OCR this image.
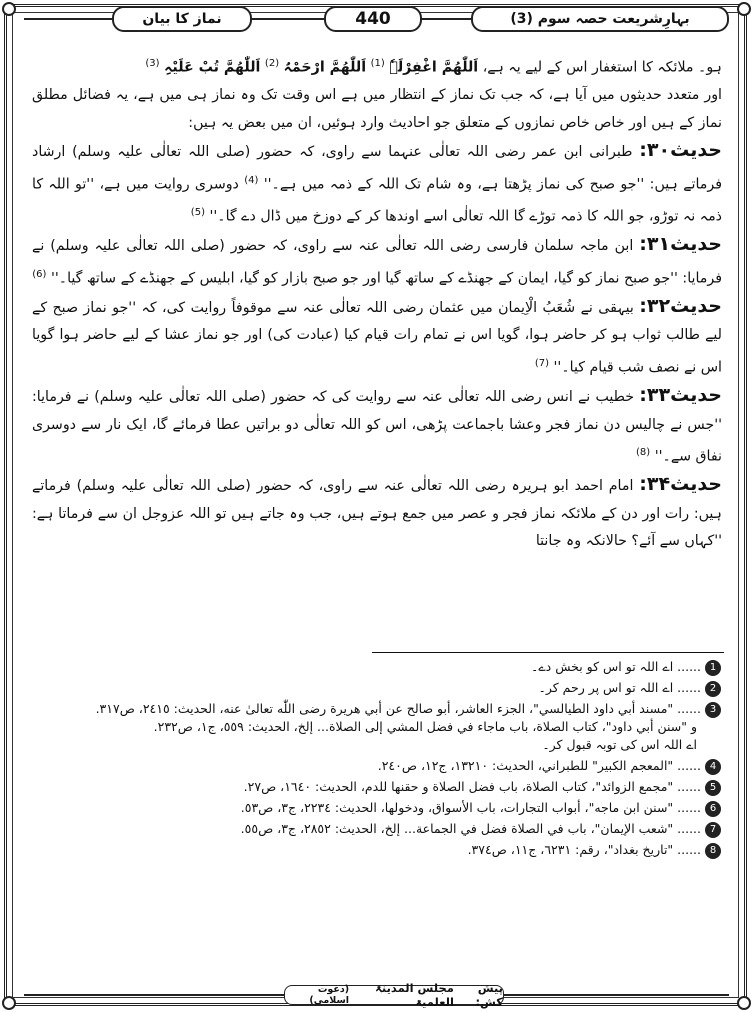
بہارِشریعت حصہ سوم (3)
440
نماز کا بیان
ہو۔ ملائکہ کا استغفار اس کے لیے یہ ہے، اَللّٰھُمَّ اغْفِرْلَہٗ $^{(1)}$ اَللّٰھُمَّ ارْحَمْہُ $^{(2)}$ اَللّٰھُمَّ تُبْ عَلَیْہِ $^{(3)}$
اور متعدد حدیثوں میں آیا ہے، کہ جب تک نماز کے انتظار میں ہے اس وقت تک وہ نماز ہی میں ہے، یہ فضائل مطلق نماز کے ہیں اور خاص خاص نمازوں کے متعلق جو احادیث وارد ہوئیں، ان میں بعض یہ ہیں:
حدیث۳۰: طبرانی ابن عمر رضی اللہ تعالٰی عنہما سے راوی، کہ حضور (صلی اللہ تعالٰی علیہ وسلم) ارشاد فرماتے ہیں: ''جو صبح کی نماز پڑھتا ہے، وہ شام تک اللہ کے ذمہ میں ہے۔'' $^{(4)}$ دوسری روایت میں ہے، ''تو اللہ کا ذمہ نہ توڑو، جو اللہ کا ذمہ توڑے گا اللہ تعالٰی اسے اوندھا کر کے دوزخ میں ڈال دے گا۔'' $^{(5)}$
حدیث۳۱: ابن ماجہ سلمان فارسی رضی اللہ تعالٰی عنہ سے راوی، کہ حضور (صلی اللہ تعالٰی علیہ وسلم) نے فرمایا: ''جو صبح نماز کو گیا، ایمان کے جھنڈے کے ساتھ گیا اور جو صبح بازار کو گیا، ابلیس کے جھنڈے کے ساتھ گیا۔'' $^{(6)}$
حدیث۳۲: بیہقی نے شُعَبُ الْاِیمان میں عثمان رضی اللہ تعالٰی عنہ سے موقوفاً روایت کی، کہ ''جو نماز صبح کے لیے طالب ثواب ہو کر حاضر ہوا، گویا اس نے تمام رات قیام کیا (عبادت کی) اور جو نماز عشا کے لیے حاضر ہوا گویا اس نے نصف شب قیام کیا۔'' $^{(7)}$
حدیث۳۳: خطیب نے انس رضی اللہ تعالٰی عنہ سے روایت کی کہ حضور (صلی اللہ تعالٰی علیہ وسلم) نے فرمایا: ''جس نے چالیس دن نماز فجر وعشا باجماعت پڑھی، اس کو اللہ تعالٰی دو براتیں عطا فرمائے گا، ایک نار سے دوسری نفاق سے۔'' $^{(8)}$
حدیث۳۴: امام احمد ابو ہریرہ رضی اللہ تعالٰی عنہ سے راوی، کہ حضور (صلی اللہ تعالٰی علیہ وسلم) فرماتے ہیں: رات اور دن کے ملائکہ نماز فجر و عصر میں جمع ہوتے ہیں، جب وہ جاتے ہیں تو اللہ عزوجل ان سے فرماتا ہے: ''کہاں سے آئے؟ حالانکہ وہ جانتا
1...... اے اللہ تو اس کو بخش دے۔
2...... اے اللہ تو اس پر رحم کر۔
3...... "مسند أبي داود الطيالسي"، الجزء العاشر، أبو صالح عن أبي هريرة رضى اللّٰه تعالىٰ عنه، الحديث: ٢٤١٥، ص٣١٧.
و "سنن أبي داود"، كتاب الصلاة، باب ماجاء في فضل المشي إلى الصلاة... إلخ، الحديث: ٥٥٩، ج١، ص٢٣٢.
اے اللہ اس کی توبہ قبول کر۔
4...... "المعجم الكبير" للطبراني، الحديث: ١٣٢١٠، ج١٢، ص٢٤٠.
5...... "مجمع الزوائد"، كتاب الصلاة، باب فضل الصلاة و حقنها للدم، الحديث: ١٦٤٠، ص٢٧.
6...... "سنن ابن ماجه"، أبواب التجارات، باب الأسواق، ودخولها، الحديث: ٢٢٣٤، ج٣، ص٥٣.
7...... "شعب الإيمان"، باب في الصلاة فضل في الجماعة... إلخ، الحديث: ٢٨٥٢، ج٣، ص٥٥.
8...... "تاريخ بغداد"، رقم: ٦٢٣١، ج١١، ص٣٧٤.
پیش کش:
مجلس المدینۃ العلمیۃ
(دعوت اسلامی)
